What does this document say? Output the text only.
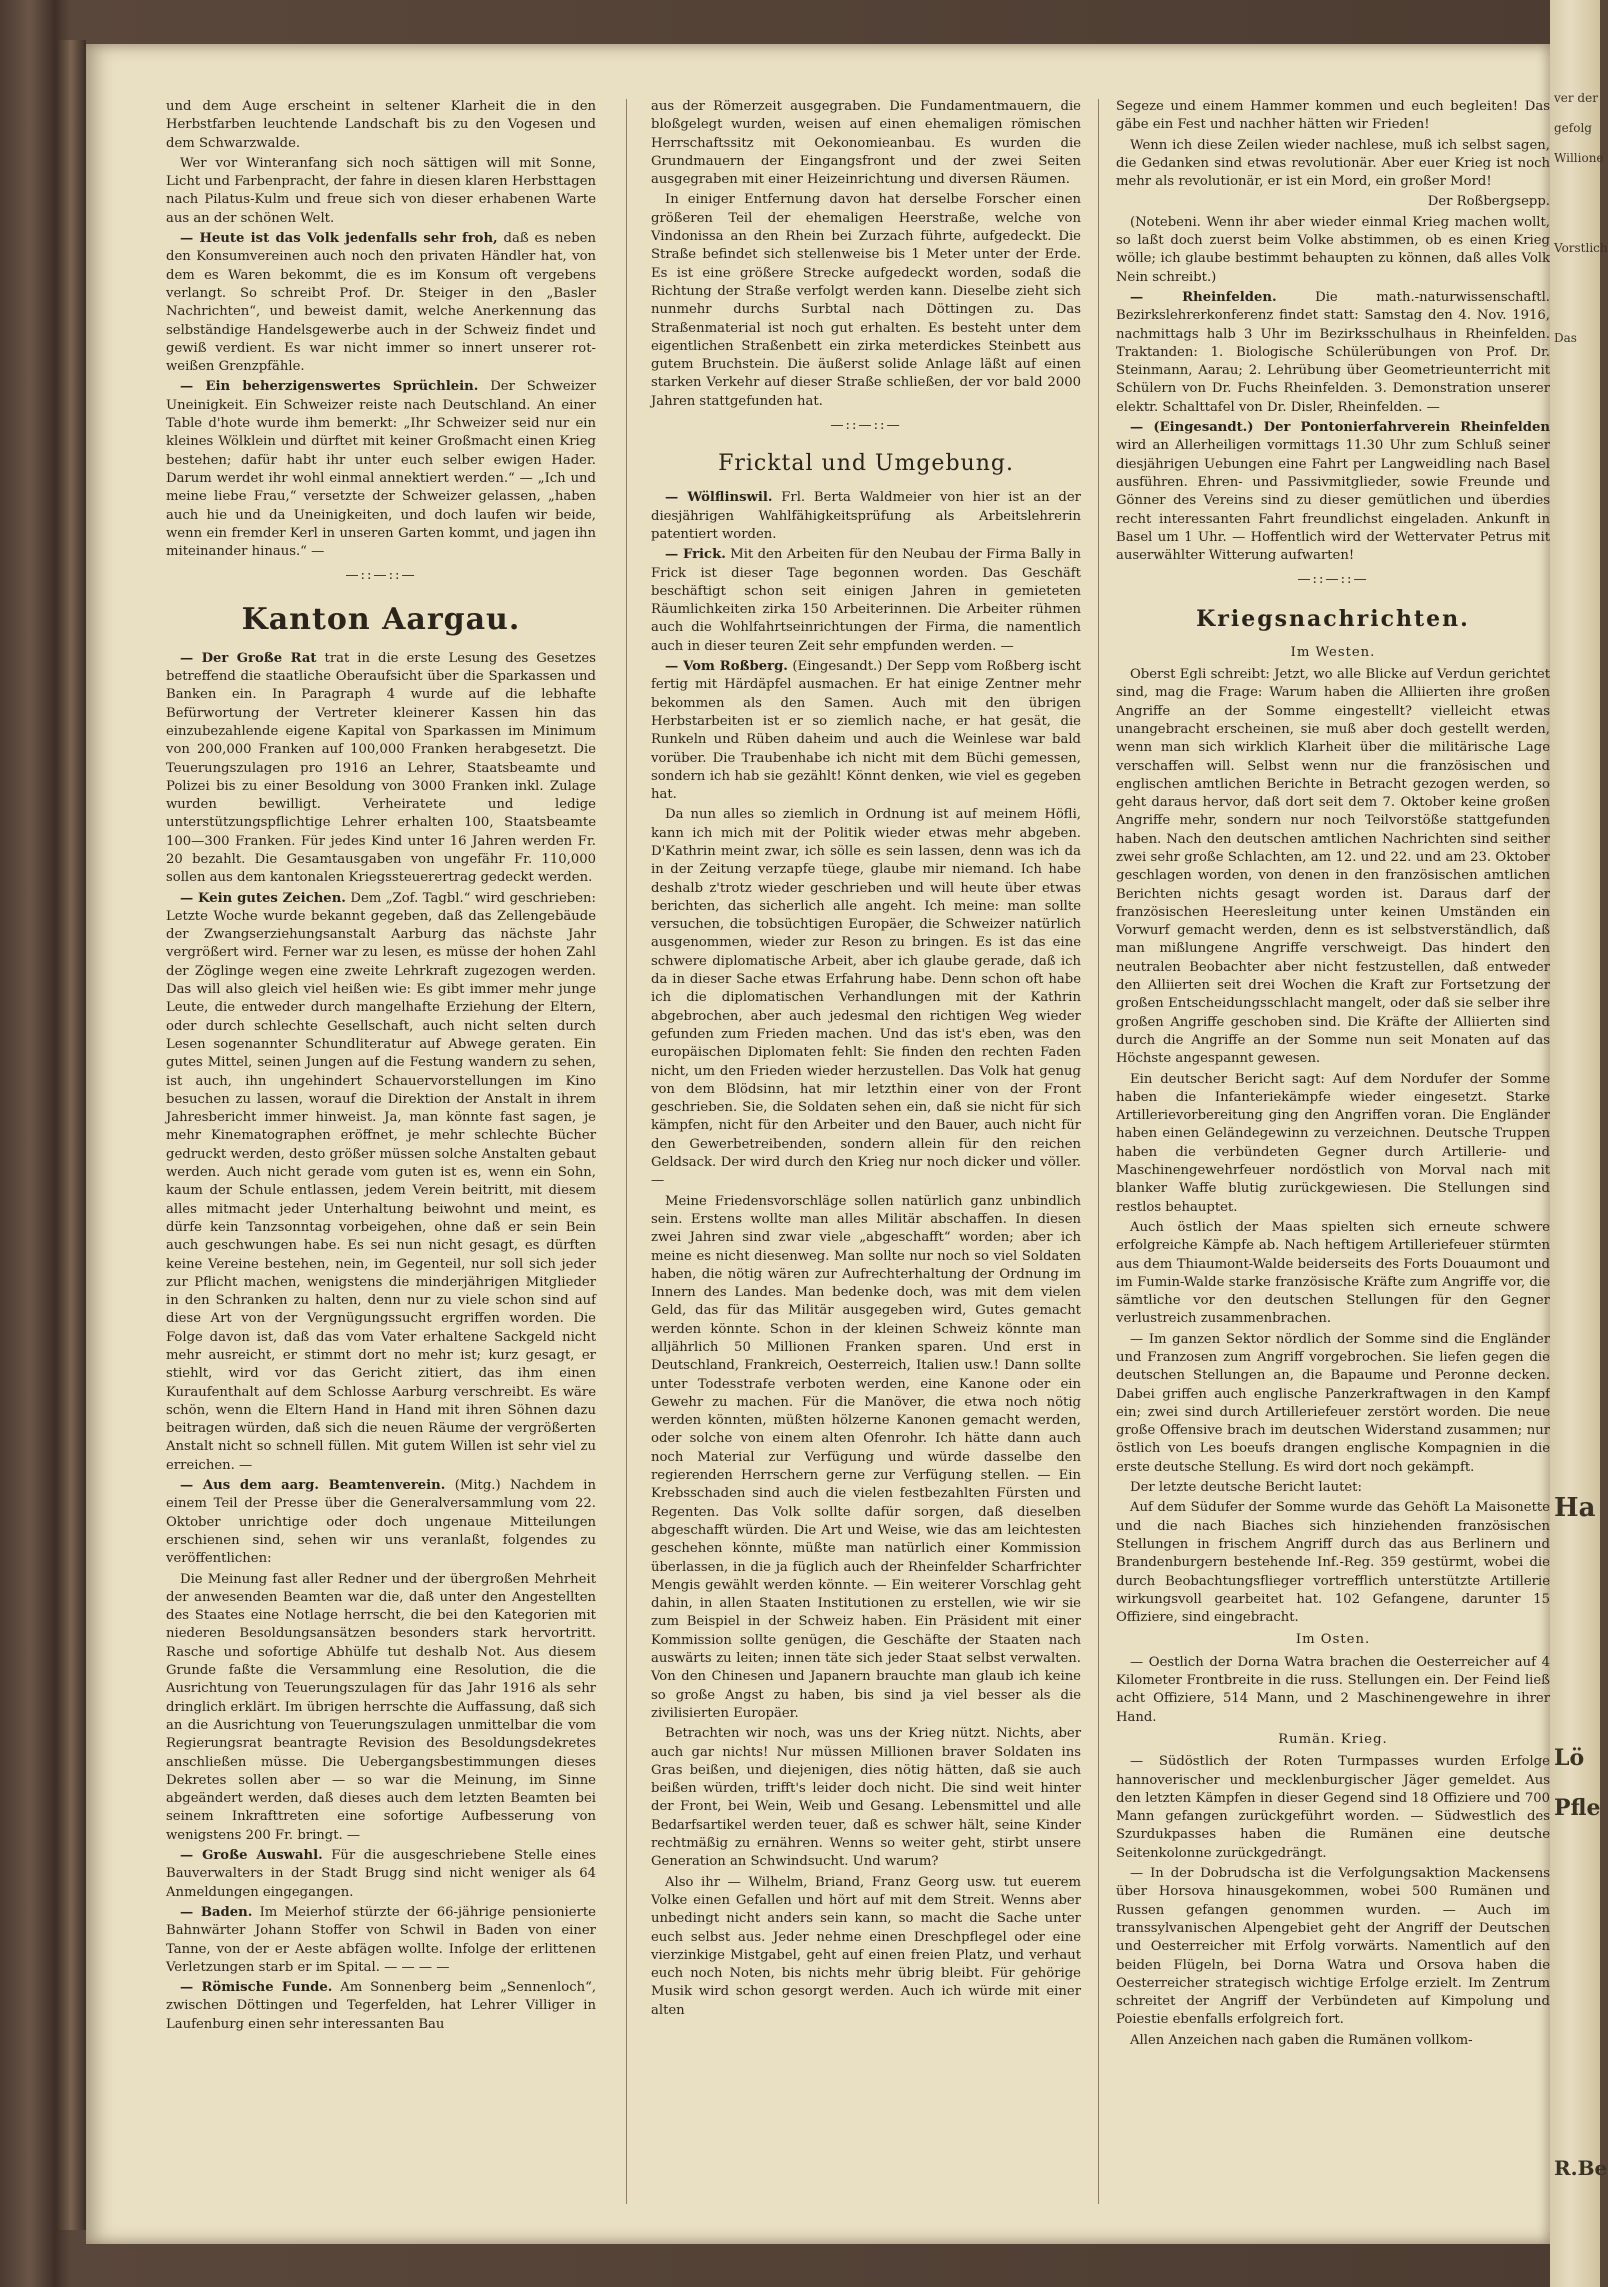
und dem Auge erscheint in seltener Klarheit die in den Herbstfarben leuchtende Landschaft bis zu den Vogesen und dem Schwarzwalde.

Wer vor Winteranfang sich noch sättigen will mit Sonne, Licht und Farbenpracht, der fahre in diesen klaren Herbsttagen nach Pilatus-Kulm und freue sich von dieser erhabenen Warte aus an der schönen Welt.

— Heute ist das Volk jedenfalls sehr froh, daß es neben den Konsumvereinen auch noch den privaten Händler hat, von dem es Waren bekommt, die es im Konsum oft vergebens verlangt. So schreibt Prof. Dr. Steiger in den „Basler Nachrichten“, und beweist damit, welche Anerkennung das selbständige Handelsgewerbe auch in der Schweiz findet und gewiß verdient. Es war nicht immer so innert unserer rot-weißen Grenzpfähle.

— Ein beherzigenswertes Sprüchlein. Der Schweizer Uneinigkeit. Ein Schweizer reiste nach Deutschland. An einer Table d'hote wurde ihm bemerkt: „Ihr Schweizer seid nur ein kleines Wölklein und dürftet mit keiner Großmacht einen Krieg bestehen; dafür habt ihr unter euch selber ewigen Hader. Darum werdet ihr wohl einmal annektiert werden.“ — „Ich und meine liebe Frau,“ versetzte der Schweizer gelassen, „haben auch hie und da Uneinigkeiten, und doch laufen wir beide, wenn ein fremder Kerl in unseren Garten kommt, und jagen ihn miteinander hinaus.“ —

—::—::—
Kanton Aargau.

— Der Große Rat trat in die erste Lesung des Gesetzes betreffend die staatliche Oberaufsicht über die Sparkassen und Banken ein. In Paragraph 4 wurde auf die lebhafte Befürwortung der Vertreter kleinerer Kassen hin das einzubezahlende eigene Kapital von Sparkassen im Minimum von 200,000 Franken auf 100,000 Franken herabgesetzt. Die Teuerungszulagen pro 1916 an Lehrer, Staatsbeamte und Polizei bis zu einer Besoldung von 3000 Franken inkl. Zulage wurden bewilligt. Verheiratete und ledige unterstützungspflichtige Lehrer erhalten 100, Staatsbeamte 100—300 Franken. Für jedes Kind unter 16 Jahren werden Fr. 20 bezahlt. Die Gesamtausgaben von ungefähr Fr. 110,000 sollen aus dem kantonalen Kriegssteuerertrag gedeckt werden.

— Kein gutes Zeichen. Dem „Zof. Tagbl.“ wird geschrieben: Letzte Woche wurde bekannt gegeben, daß das Zellengebäude der Zwangserziehungsanstalt Aarburg das nächste Jahr vergrößert wird. Ferner war zu lesen, es müsse der hohen Zahl der Zöglinge wegen eine zweite Lehrkraft zugezogen werden. Das will also gleich viel heißen wie: Es gibt immer mehr junge Leute, die entweder durch mangelhafte Erziehung der Eltern, oder durch schlechte Gesellschaft, auch nicht selten durch Lesen sogenannter Schundliteratur auf Abwege geraten. Ein gutes Mittel, seinen Jungen auf die Festung wandern zu sehen, ist auch, ihn ungehindert Schauervorstellungen im Kino besuchen zu lassen, worauf die Direktion der Anstalt in ihrem Jahresbericht immer hinweist. Ja, man könnte fast sagen, je mehr Kinematographen eröffnet, je mehr schlechte Bücher gedruckt werden, desto größer müssen solche Anstalten gebaut werden. Auch nicht gerade vom guten ist es, wenn ein Sohn, kaum der Schule entlassen, jedem Verein beitritt, mit diesem alles mitmacht jeder Unterhaltung beiwohnt und meint, es dürfe kein Tanzsonntag vorbeigehen, ohne daß er sein Bein auch geschwungen habe. Es sei nun nicht gesagt, es dürften keine Vereine bestehen, nein, im Gegenteil, nur soll sich jeder zur Pflicht machen, wenigstens die minderjährigen Mitglieder in den Schranken zu halten, denn nur zu viele schon sind auf diese Art von der Vergnügungssucht ergriffen worden. Die Folge davon ist, daß das vom Vater erhaltene Sackgeld nicht mehr ausreicht, er stimmt dort no mehr ist; kurz gesagt, er stiehlt, wird vor das Gericht zitiert, das ihm einen Kuraufenthalt auf dem Schlosse Aarburg verschreibt. Es wäre schön, wenn die Eltern Hand in Hand mit ihren Söhnen dazu beitragen würden, daß sich die neuen Räume der vergrößerten Anstalt nicht so schnell füllen. Mit gutem Willen ist sehr viel zu erreichen. —

— Aus dem aarg. Beamtenverein. (Mitg.) Nachdem in einem Teil der Presse über die Generalversammlung vom 22. Oktober unrichtige oder doch ungenaue Mitteilungen erschienen sind, sehen wir uns veranlaßt, folgendes zu veröffentlichen:

Die Meinung fast aller Redner und der übergroßen Mehrheit der anwesenden Beamten war die, daß unter den Angestellten des Staates eine Notlage herrscht, die bei den Kategorien mit niederen Besoldungsansätzen besonders stark hervortritt. Rasche und sofortige Abhülfe tut deshalb Not. Aus diesem Grunde faßte die Versammlung eine Resolution, die die Ausrichtung von Teuerungszulagen für das Jahr 1916 als sehr dringlich erklärt. Im übrigen herrschte die Auffassung, daß sich an die Ausrichtung von Teuerungszulagen unmittelbar die vom Regierungsrat beantragte Revision des Besoldungsdekretes anschließen müsse. Die Uebergangsbestimmungen dieses Dekretes sollen aber — so war die Meinung, im Sinne abgeändert werden, daß dieses auch dem letzten Beamten bei seinem Inkrafttreten eine sofortige Aufbesserung von wenigstens 200 Fr. bringt. —

— Große Auswahl. Für die ausgeschriebene Stelle eines Bauverwalters in der Stadt Brugg sind nicht weniger als 64 Anmeldungen eingegangen.

— Baden. Im Meierhof stürzte der 66-jährige pensionierte Bahnwärter Johann Stoffer von Schwil in Baden von einer Tanne, von der er Aeste abfägen wollte. Infolge der erlittenen Verletzungen starb er im Spital. — — — —

— Römische Funde. Am Sonnenberg beim „Sennenloch“, zwischen Döttingen und Tegerfelden, hat Lehrer Villiger in Laufenburg einen sehr interessanten Bau

aus der Römerzeit ausgegraben. Die Fundamentmauern, die bloßgelegt wurden, weisen auf einen ehemaligen römischen Herrschaftssitz mit Oekonomieanbau. Es wurden die Grundmauern der Eingangsfront und der zwei Seiten ausgegraben mit einer Heizeinrichtung und diversen Räumen.

In einiger Entfernung davon hat derselbe Forscher einen größeren Teil der ehemaligen Heerstraße, welche von Vindonissa an den Rhein bei Zurzach führte, aufgedeckt. Die Straße befindet sich stellenweise bis 1 Meter unter der Erde. Es ist eine größere Strecke aufgedeckt worden, sodaß die Richtung der Straße verfolgt werden kann. Dieselbe zieht sich nunmehr durchs Surbtal nach Döttingen zu. Das Straßenmaterial ist noch gut erhalten. Es besteht unter dem eigentlichen Straßenbett ein zirka meterdickes Steinbett aus gutem Bruchstein. Die äußerst solide Anlage läßt auf einen starken Verkehr auf dieser Straße schließen, der vor bald 2000 Jahren stattgefunden hat.

—::—::—
Fricktal und Umgebung.

— Wölflinswil. Frl. Berta Waldmeier von hier ist an der diesjährigen Wahlfähigkeitsprüfung als Arbeitslehrerin patentiert worden.

— Frick. Mit den Arbeiten für den Neubau der Firma Bally in Frick ist dieser Tage begonnen worden. Das Geschäft beschäftigt schon seit einigen Jahren in gemieteten Räumlichkeiten zirka 150 Arbeiterinnen. Die Arbeiter rühmen auch die Wohlfahrtseinrichtungen der Firma, die namentlich auch in dieser teuren Zeit sehr empfunden werden. —

— Vom Roßberg. (Eingesandt.) Der Sepp vom Roßberg ischt fertig mit Härdäpfel ausmachen. Er hat einige Zentner mehr bekommen als den Samen. Auch mit den übrigen Herbstarbeiten ist er so ziemlich nache, er hat gesät, die Runkeln und Rüben daheim und auch die Weinlese war bald vorüber. Die Traubenhabe ich nicht mit dem Büchi gemessen, sondern ich hab sie gezählt! Könnt denken, wie viel es gegeben hat.

Da nun alles so ziemlich in Ordnung ist auf meinem Höfli, kann ich mich mit der Politik wieder etwas mehr abgeben. D'Kathrin meint zwar, ich sölle es sein lassen, denn was ich da in der Zeitung verzapfe tüege, glaube mir niemand. Ich habe deshalb z'trotz wieder geschrieben und will heute über etwas berichten, das sicherlich alle angeht. Ich meine: man sollte versuchen, die tobsüchtigen Europäer, die Schweizer natürlich ausgenommen, wieder zur Reson zu bringen. Es ist das eine schwere diplomatische Arbeit, aber ich glaube gerade, daß ich da in dieser Sache etwas Erfahrung habe. Denn schon oft habe ich die diplomatischen Verhandlungen mit der Kathrin abgebrochen, aber auch jedesmal den richtigen Weg wieder gefunden zum Frieden machen. Und das ist's eben, was den europäischen Diplomaten fehlt: Sie finden den rechten Faden nicht, um den Frieden wieder herzustellen. Das Volk hat genug von dem Blödsinn, hat mir letzthin einer von der Front geschrieben. Sie, die Soldaten sehen ein, daß sie nicht für sich kämpfen, nicht für den Arbeiter und den Bauer, auch nicht für den Gewerbetreibenden, sondern allein für den reichen Geldsack. Der wird durch den Krieg nur noch dicker und völler. —

Meine Friedensvorschläge sollen natürlich ganz unbindlich sein. Erstens wollte man alles Militär abschaffen. In diesen zwei Jahren sind zwar viele „abgeschafft“ worden; aber ich meine es nicht diesenweg. Man sollte nur noch so viel Soldaten haben, die nötig wären zur Aufrechterhaltung der Ordnung im Innern des Landes. Man bedenke doch, was mit dem vielen Geld, das für das Militär ausgegeben wird, Gutes gemacht werden könnte. Schon in der kleinen Schweiz könnte man alljährlich 50 Millionen Franken sparen. Und erst in Deutschland, Frankreich, Oesterreich, Italien usw.! Dann sollte unter Todesstrafe verboten werden, eine Kanone oder ein Gewehr zu machen. Für die Manöver, die etwa noch nötig werden könnten, müßten hölzerne Kanonen gemacht werden, oder solche von einem alten Ofenrohr. Ich hätte dann auch noch Material zur Verfügung und würde dasselbe den regierenden Herrschern gerne zur Verfügung stellen. — Ein Krebsschaden sind auch die vielen festbezahlten Fürsten und Regenten. Das Volk sollte dafür sorgen, daß dieselben abgeschafft würden. Die Art und Weise, wie das am leichtesten geschehen könnte, müßte man natürlich einer Kommission überlassen, in die ja füglich auch der Rheinfelder Scharfrichter Mengis gewählt werden könnte. — Ein weiterer Vorschlag geht dahin, in allen Staaten Institutionen zu erstellen, wie wir sie zum Beispiel in der Schweiz haben. Ein Präsident mit einer Kommission sollte genügen, die Geschäfte der Staaten nach auswärts zu leiten; innen täte sich jeder Staat selbst verwalten. Von den Chinesen und Japanern brauchte man glaub ich keine so große Angst zu haben, bis sind ja viel besser als die zivilisierten Europäer.

Betrachten wir noch, was uns der Krieg nützt. Nichts, aber auch gar nichts! Nur müssen Millionen braver Soldaten ins Gras beißen, und diejenigen, dies nötig hätten, daß sie auch beißen würden, trifft's leider doch nicht. Die sind weit hinter der Front, bei Wein, Weib und Gesang. Lebensmittel und alle Bedarfsartikel werden teuer, daß es schwer hält, seine Kinder rechtmäßig zu ernähren. Wenns so weiter geht, stirbt unsere Generation an Schwindsucht. Und warum?

Also ihr — Wilhelm, Briand, Franz Georg usw. tut euerem Volke einen Gefallen und hört auf mit dem Streit. Wenns aber unbedingt nicht anders sein kann, so macht die Sache unter euch selbst aus. Jeder nehme einen Dreschpflegel oder eine vierzinkige Mistgabel, geht auf einen freien Platz, und verhaut euch noch Noten, bis nichts mehr übrig bleibt. Für gehörige Musik wird schon gesorgt werden. Auch ich würde mit einer alten

Segeze und einem Hammer kommen und euch begleiten! Das gäbe ein Fest und nachher hätten wir Frieden!

Wenn ich diese Zeilen wieder nachlese, muß ich selbst sagen, die Gedanken sind etwas revolutionär. Aber euer Krieg ist noch mehr als revolutionär, er ist ein Mord, ein großer Mord!

Der Roßbergsepp.

(Notebeni. Wenn ihr aber wieder einmal Krieg machen wollt, so laßt doch zuerst beim Volke abstimmen, ob es einen Krieg wölle; ich glaube bestimmt behaupten zu können, daß alles Volk Nein schreibt.)

— Rheinfelden.	Die math.-naturwissenschaftl. Bezirkslehrerkonferenz findet statt: Samstag den 4. Nov. 1916, nachmittags halb 3 Uhr im Bezirksschulhaus in Rheinfelden. Traktanden: 1. Biologische Schülerübungen von Prof. Dr. Steinmann, Aarau; 2. Lehrübung über Geometrieunterricht mit Schülern von Dr. Fuchs Rheinfelden. 3. Demonstration unserer elektr. Schalttafel von Dr. Disler, Rheinfelden. —

— (Eingesandt.) Der Pontonierfahrverein Rheinfelden wird an Allerheiligen vormittags 11.30 Uhr zum Schluß seiner diesjährigen Uebungen eine Fahrt per Langweidling nach Basel ausführen. Ehren- und Passivmitglieder, sowie Freunde und Gönner des Vereins sind zu dieser gemütlichen und überdies recht interessanten Fahrt freundlichst eingeladen. Ankunft in Basel um 1 Uhr. — Hoffentlich wird der Wettervater Petrus mit auserwählter Witterung aufwarten!

—::—::—
Kriegsnachrichten.
Im Westen.

Oberst Egli schreibt: Jetzt, wo alle Blicke auf Verdun gerichtet sind, mag die Frage: Warum haben die Alliierten ihre großen Angriffe an der Somme eingestellt? vielleicht etwas unangebracht erscheinen, sie muß aber doch gestellt werden, wenn man sich wirklich Klarheit über die militärische Lage verschaffen will. Selbst wenn nur die französischen und englischen amtlichen Berichte in Betracht gezogen werden, so geht daraus hervor, daß dort seit dem 7. Oktober keine großen Angriffe mehr, sondern nur noch Teilvorstöße stattgefunden haben. Nach den deutschen amtlichen Nachrichten sind seither zwei sehr große Schlachten, am 12. und 22. und am 23. Oktober geschlagen worden, von denen in den französischen amtlichen Berichten nichts gesagt worden ist. Daraus darf der französischen Heeresleitung unter keinen Umständen ein Vorwurf gemacht werden, denn es ist selbstverständlich, daß man mißlungene Angriffe verschweigt. Das hindert den neutralen Beobachter aber nicht festzustellen, daß entweder den Alliierten seit drei Wochen die Kraft zur Fortsetzung der großen Entscheidungsschlacht mangelt, oder daß sie selber ihre großen Angriffe geschoben sind. Die Kräfte der Alliierten sind durch die Angriffe an der Somme nun seit Monaten auf das Höchste angespannt gewesen.

Ein deutscher Bericht sagt: Auf dem Nordufer der Somme haben die Infanteriekämpfe wieder eingesetzt. Starke Artillerievorbereitung ging den Angriffen voran. Die Engländer haben einen Geländegewinn zu verzeichnen. Deutsche Truppen haben die verbündeten Gegner durch Artillerie- und Maschinengewehrfeuer nordöstlich von Morval nach mit blanker Waffe blutig zurückgewiesen. Die Stellungen sind restlos behauptet.

Auch östlich der Maas spielten sich erneute schwere erfolgreiche Kämpfe ab. Nach heftigem Artilleriefeuer stürmten aus dem Thiaumont-Walde beiderseits des Forts Douaumont und im Fumin-Walde starke französische Kräfte zum Angriffe vor, die sämtliche vor den deutschen Stellungen für den Gegner verlustreich zusammenbrachen.

— Im ganzen Sektor nördlich der Somme sind die Engländer und Franzosen zum Angriff vorgebrochen. Sie liefen gegen die deutschen Stellungen an, die Bapaume und Peronne decken. Dabei griffen auch englische Panzerkraftwagen in den Kampf ein; zwei sind durch Artilleriefeuer zerstört worden. Die neue große Offensive brach im deutschen Widerstand zusammen; nur östlich von Les boeufs drangen englische Kompagnien in die erste deutsche Stellung. Es wird dort noch gekämpft.

Der letzte deutsche Bericht lautet:

Auf dem Südufer der Somme wurde das Gehöft La Maisonette und die nach Biaches sich hinziehenden französischen Stellungen in frischem Angriff durch das aus Berlinern und Brandenburgern bestehende Inf.-Reg. 359 gestürmt, wobei die durch Beobachtungsflieger vortrefflich unterstützte Artillerie wirkungsvoll gearbeitet hat. 102 Gefangene, darunter 15 Offiziere, sind eingebracht.

Im Osten.

— Oestlich der Dorna Watra brachen die Oesterreicher auf 4 Kilometer Frontbreite in die russ. Stellungen ein. Der Feind ließ acht Offiziere, 514 Mann, und 2 Maschinengewehre in ihrer Hand.

Rumän. Krieg.

— Südöstlich der Roten Turmpasses wurden Erfolge hannoverischer und mecklenburgischer Jäger gemeldet. Aus den letzten Kämpfen in dieser Gegend sind 18 Offiziere und 700 Mann gefangen zurückgeführt worden. — Südwestlich des Szurdukpasses haben die Rumänen eine deutsche Seitenkolonne zurückgedrängt.

— In der Dobrudscha ist die Verfolgungsaktion Mackensens über Horsova hinausgekommen, wobei 500 Rumänen und Russen gefangen genommen wurden. — Auch im transsylvanischen Alpengebiet geht der Angriff der Deutschen und Oesterreicher mit Erfolg vorwärts. Namentlich auf den beiden Flügeln, bei Dorna Watra und Orsova haben die Oesterreicher strategisch wichtige Erfolge erzielt. Im Zentrum schreitet der Angriff der Verbündeten auf Kimpolung und Poiestie ebenfalls erfolgreich fort.

Allen Anzeichen nach gaben die Rumänen vollkom-

ver der
gefolg
Willione
Vorstlich
Das
Ha
Lö
Pfle
R.Be
